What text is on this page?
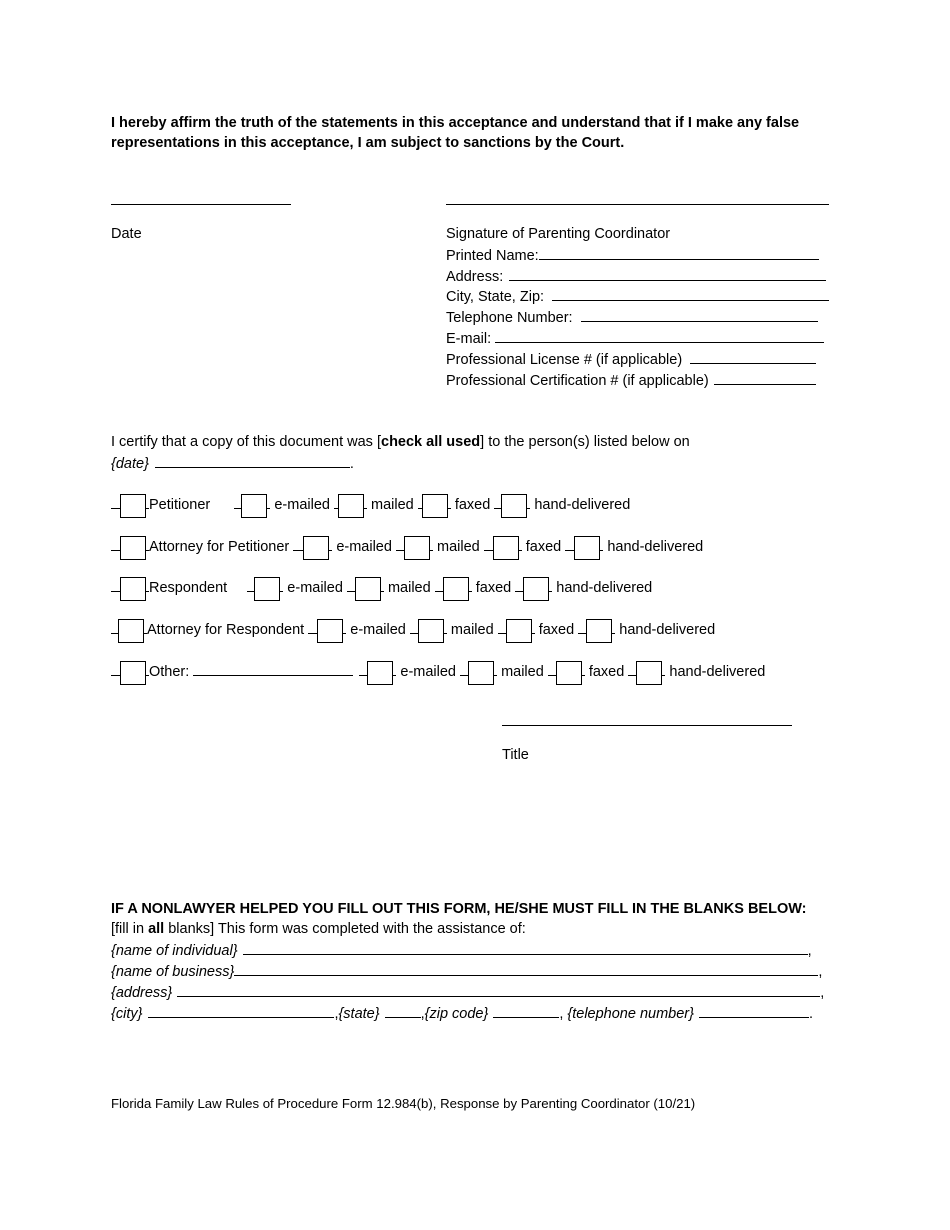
I hereby affirm the truth of the statements in this acceptance and understand that if I make any false
representations in this acceptance, I am subject to sanctions by the Court.
Date	Signature of Parenting Coordinator
Printed Name:
Address:
City, State, Zip:
Telephone Number:
E-mail:
Professional License # (if applicable)
Professional Certification # (if applicable)
I certify that a copy of this document was [check all used] to the person(s) listed below on
{date}	.
Petitioner	e-mailed	mailed	faxed	hand-delivered
Attorney for Petitioner	e-mailed	mailed	faxed	hand-delivered
Respondent	e-mailed	mailed	faxed	hand-delivered
Attorney for Respondent	e-mailed	mailed	faxed	hand-delivered
Other:	e-mailed	mailed	faxed	hand-delivered
Title
IF A NONLAWYER HELPED YOU FILL OUT THIS FORM, HE/SHE MUST FILL IN THE BLANKS BELOW:
[fill in all blanks] This form was completed with the assistance of:
{name of individual}	,
{name of business}	,
{address}	,
{city}	,{state}	,{zip code}	, {telephone number}	.
Florida Family Law Rules of Procedure Form 12.984(b), Response by Parenting Coordinator (10/21)
